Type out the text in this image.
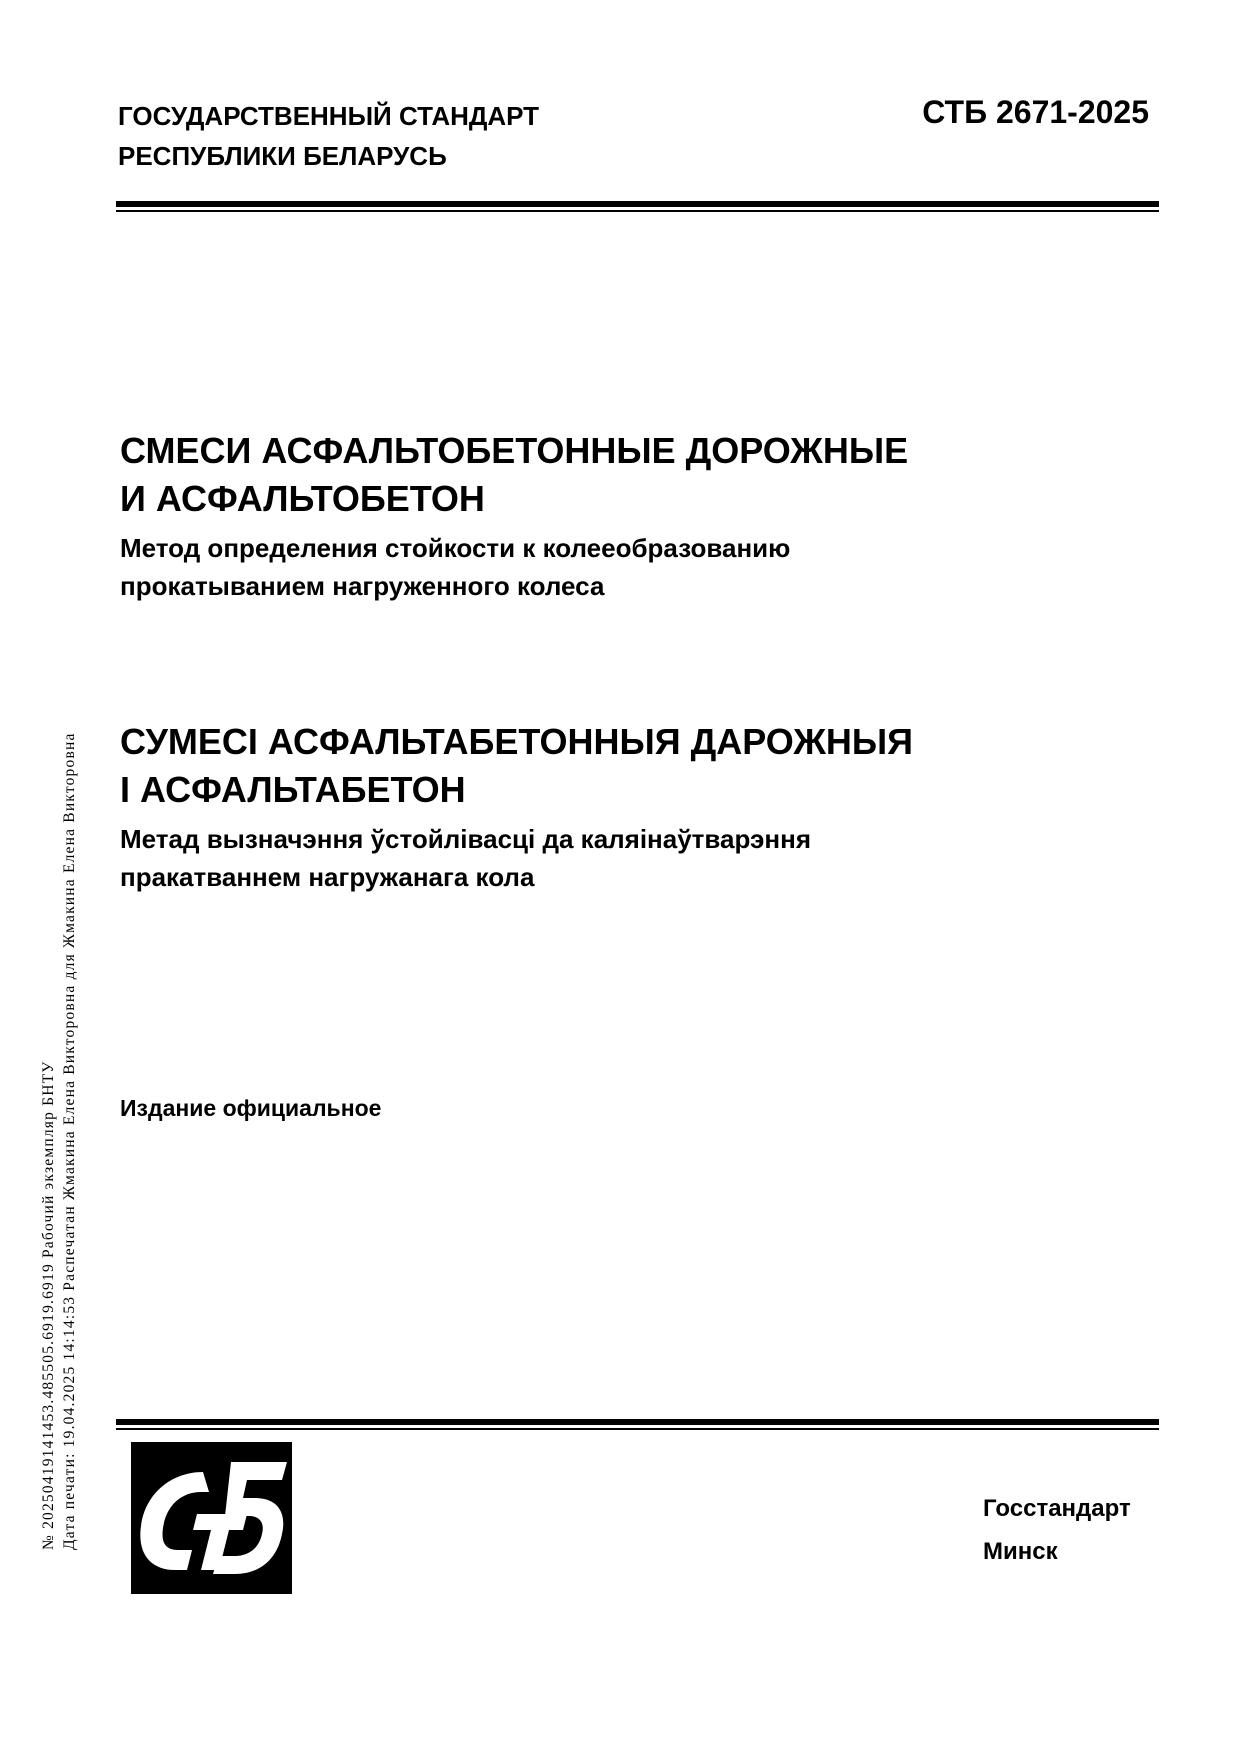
ГОСУДАРСТВЕННЫЙ СТАНДАРТ
РЕСПУБЛИКИ БЕЛАРУСЬ
СТБ 2671-2025
СМЕСИ АСФАЛЬТОБЕТОННЫЕ ДОРОЖНЫЕ
И АСФАЛЬТОБЕТОН
Метод определения стойкости к колееобразованию
прокатыванием нагруженного колеса
СУМЕСІ АСФАЛЬТАБЕТОННЫЯ ДАРОЖНЫЯ
І АСФАЛЬТАБЕТОН
Метад вызначэння ўстойлівасці да каляінаўтварэння
пракатваннем нагружанага кола
Издание официальное
№ 20250419141453.485505.6919.6919 Рабочий экземпляр БНТУ Дата печати: 19.04.2025 14:14:53 Распечатан Жмакина Елена Викторовна для Жмакина Елена Викторовна	Госстандарт
Минск
